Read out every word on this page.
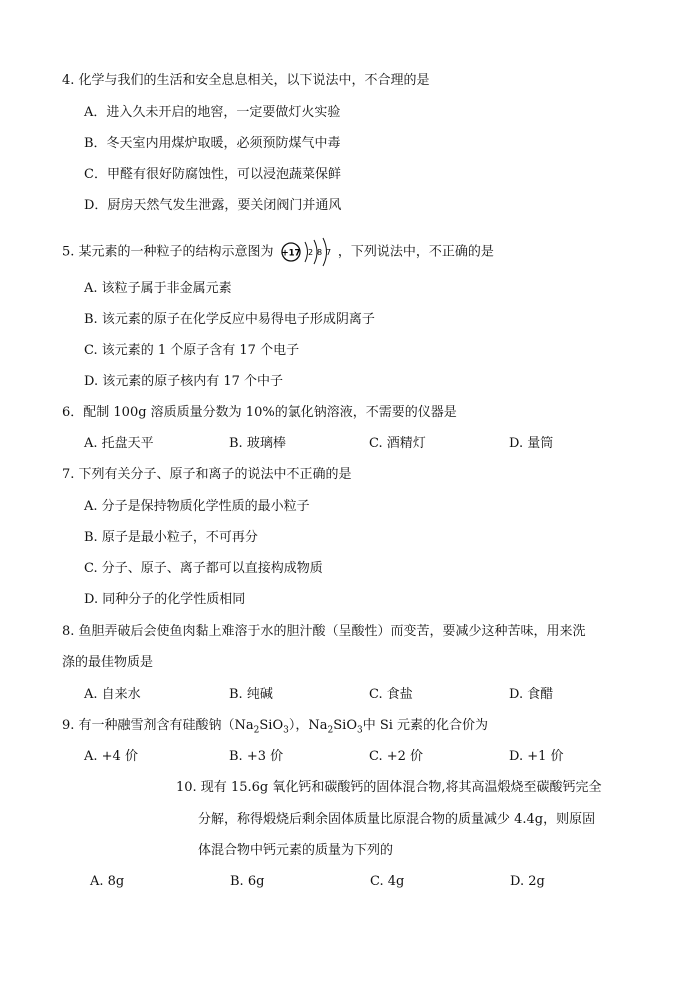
4. 化学与我们的生活和安全息息相关，以下说法中，不合理的是
A．进入久未开启的地窖，一定要做灯火实验
B．冬天室内用煤炉取暖，必须预防煤气中毒
C．甲醛有很好防腐蚀性，可以浸泡蔬菜保鲜
D．厨房天然气发生泄露，要关闭阀门并通风
5. 某元素的一种粒子的结构示意图为 +17 2 8 7 ，下列说法中，不正确的是
A. 该粒子属于非金属元素
B. 该元素的原子在化学反应中易得电子形成阴离子
C. 该元素的 1 个原子含有 17 个电子
D. 该元素的原子核内有 17 个中子
6．配制 100g 溶质质量分数为 10%的氯化钠溶液，不需要的仪器是
A. 托盘天平	B. 玻璃棒	C. 酒精灯	D. 量筒
7. 下列有关分子、原子和离子的说法中不正确的是
A. 分子是保持物质化学性质的最小粒子
B. 原子是最小粒子，不可再分
C. 分子、原子、离子都可以直接构成物质
D. 同种分子的化学性质相同
8. 鱼胆弄破后会使鱼肉黏上难溶于水的胆汁酸（呈酸性）而变苦，要减少这种苦味，用来洗
涤的最佳物质是
A. 自来水	B. 纯碱	C. 食盐	D. 食醋
9. 有一种融雪剂含有硅酸钠$(Na_2SiO_3)$，$Na_2SiO_3$中 Si 元素的化合价为
A. +4 价	B. +3 价	C. +2 价	D. +1 价
10. 现有 15.6g 氧化钙和碳酸钙的固体混合物,将其高温煅烧至碳酸钙完全
分解，称得煅烧后剩余固体质量比原混合物的质量减少 4.4g，则原固
体混合物中钙元素的质量为下列的
A. 8g	B. 6g	C. 4g	D. 2g
